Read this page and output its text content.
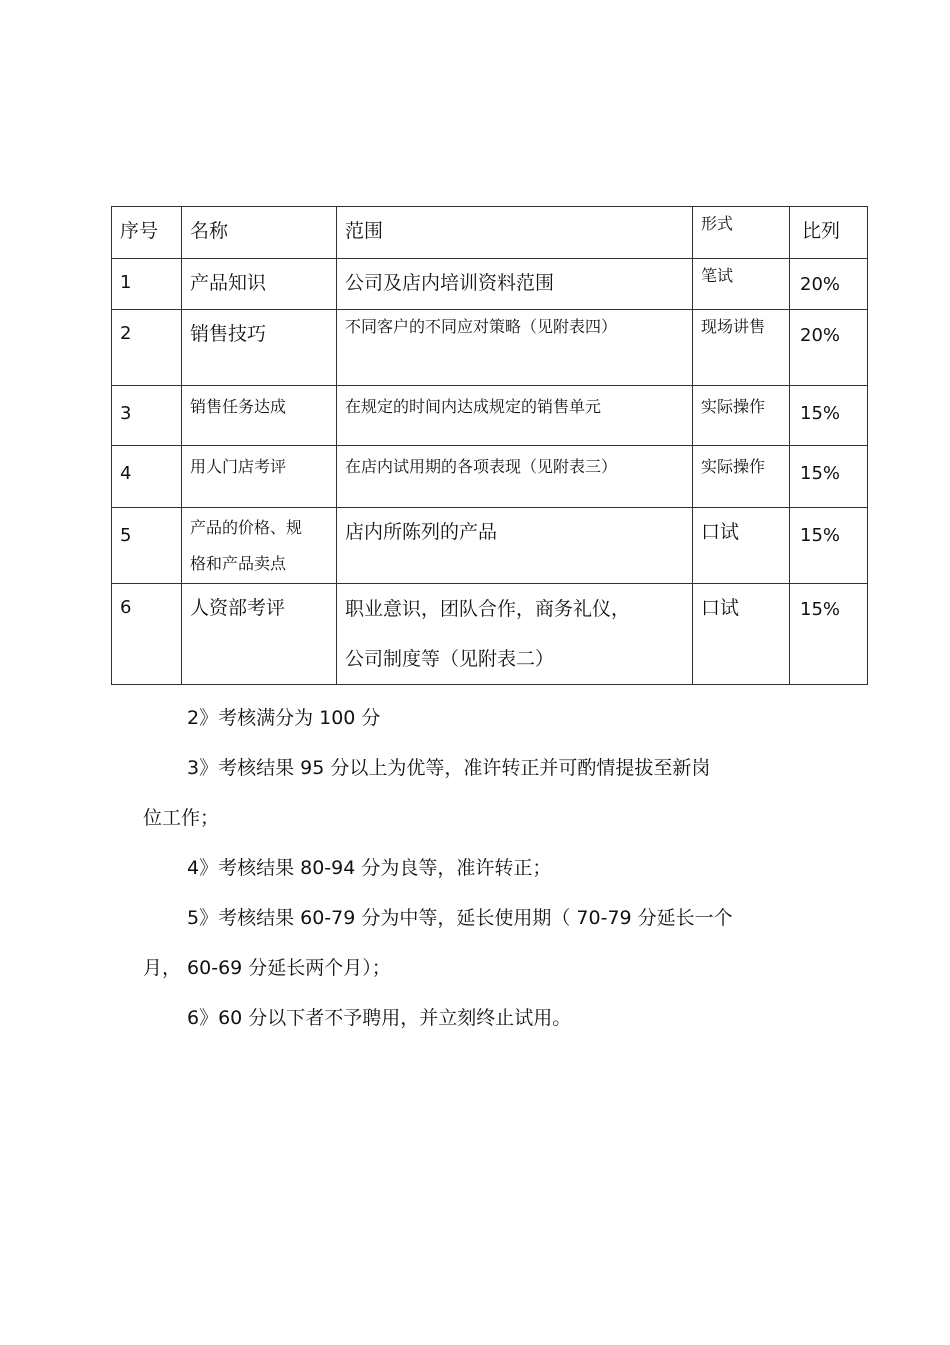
序号	名称	范围	形式	比列

1	产品知识	公司及店内培训资料范围	笔试	20%

2	销售技巧	不同客户的不同应对策略（见附表四）	现场讲售	20%

3	销售任务达成	在规定的时间内达成规定的销售单元	实际操作	15%

4	用人门店考评	在店内试用期的各项表现（见附表三）	实际操作	15%

5	产品的价格、规
格和产品卖点	店内所陈列的产品	口试	15%

6	人资部考评	职业意识，团队合作，商务礼仪，
公司制度等（见附表二）	口试	15%

2》考核满分为 100 分

3》考核结果 95 分以上为优等，准许转正并可酌情提拔至新岗

位工作；

4》考核结果 80-94 分为良等，准许转正；

5》考核结果 60-79 分为中等，延长使用期（ 70-79 分延长一个

月， 60-69 分延长两个月）；

6》60 分以下者不予聘用，并立刻终止试用。
